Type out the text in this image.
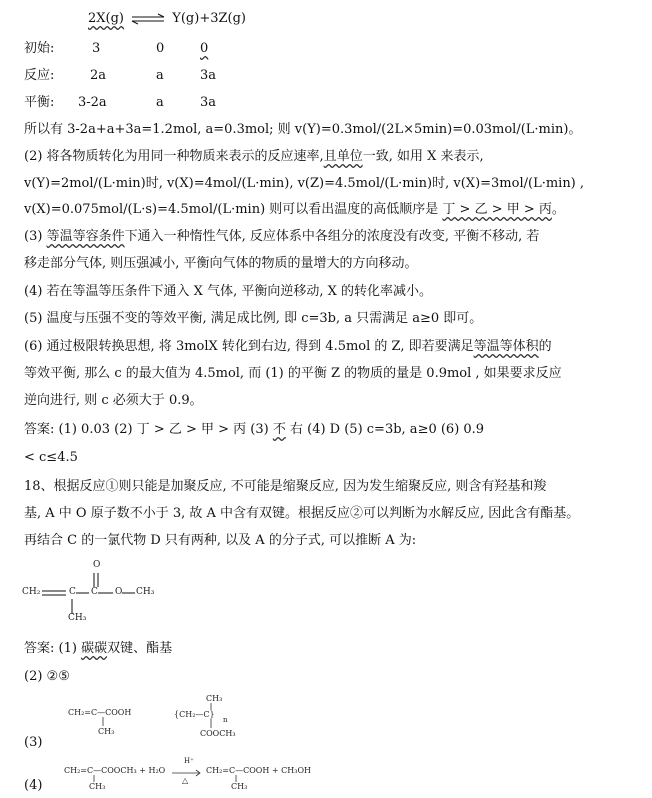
2X(g) ⇌ Y(g)+3Z(g)
初始:	3	0	0
反应:	2a	a	3a
平衡: 3-2a	a	3a
所以有 3-2a+a+3a=1.2mol, a=0.3mol; 则 v(Y)=0.3mol/(2L×5min)=0.03mol/(L·min)。
(2) 将各物质转化为用同一种物质来表示的反应速率,且单位一致, 如用 X 来表示,
v(Y)=2mol/(L·min)时, v(X)=4mol/(L·min), v(Z)=4.5mol/(L·min)时, v(X)=3mol/(L·min) ,
v(X)=0.075mol/(L·s)=4.5mol/(L·min) 则可以看出温度的高低顺序是 丁 > 乙 > 甲 > 丙。
(3) 等温等容条件下通入一种惰性气体, 反应体系中各组分的浓度没有改变, 平衡不移动, 若
移走部分气体, 则压强减小, 平衡向气体的物质的量增大的方向移动。
(4) 若在等温等压条件下通入 X 气体, 平衡向逆移动, X 的转化率减小。
(5) 温度与压强不变的等效平衡, 满足成比例, 即 c=3b, a 只需满足 a≥0 即可。
(6) 通过极限转换思想, 将 3molX 转化到右边, 得到 4.5mol 的 Z, 即若要满足等温等体积的
等效平衡, 那么 c 的最大值为 4.5mol, 而 (1) 的平衡 Z 的物质的量是 0.9mol , 如果要求反应
逆向进行, 则 c 必须大于 0.9。
答案: (1) 0.03 (2) 丁 > 乙 > 甲 > 丙 (3) 不 右 (4) D (5) c=3b, a≥0 (6) 0.9
< c≤4.5
18、根据反应①则只能是加聚反应, 不可能是缩聚反应, 因为发生缩聚反应, 则含有羟基和羧
基, A 中 O 原子数不小于 3, 故 A 中含有双键。根据反应②可以判断为水解反应, 因此含有酯基。
再结合 C 的一氯代物 D 只有两种, 以及 A 的分子式, 可以推断 A 为:
O
CH₂	C C O CH₃
CH₃
答案: (1) 碳碳双键、酯基
(2) ②⑤
(3)
CH₂=C—COOH
CH₃
CH₃
{CH₂—C}
n
COOCH₃
(4)
CH₂=C—COOCH₃ + H₂O
CH₃
H⁺
△
CH₂=C—COOH + CH₃OH
CH₃
